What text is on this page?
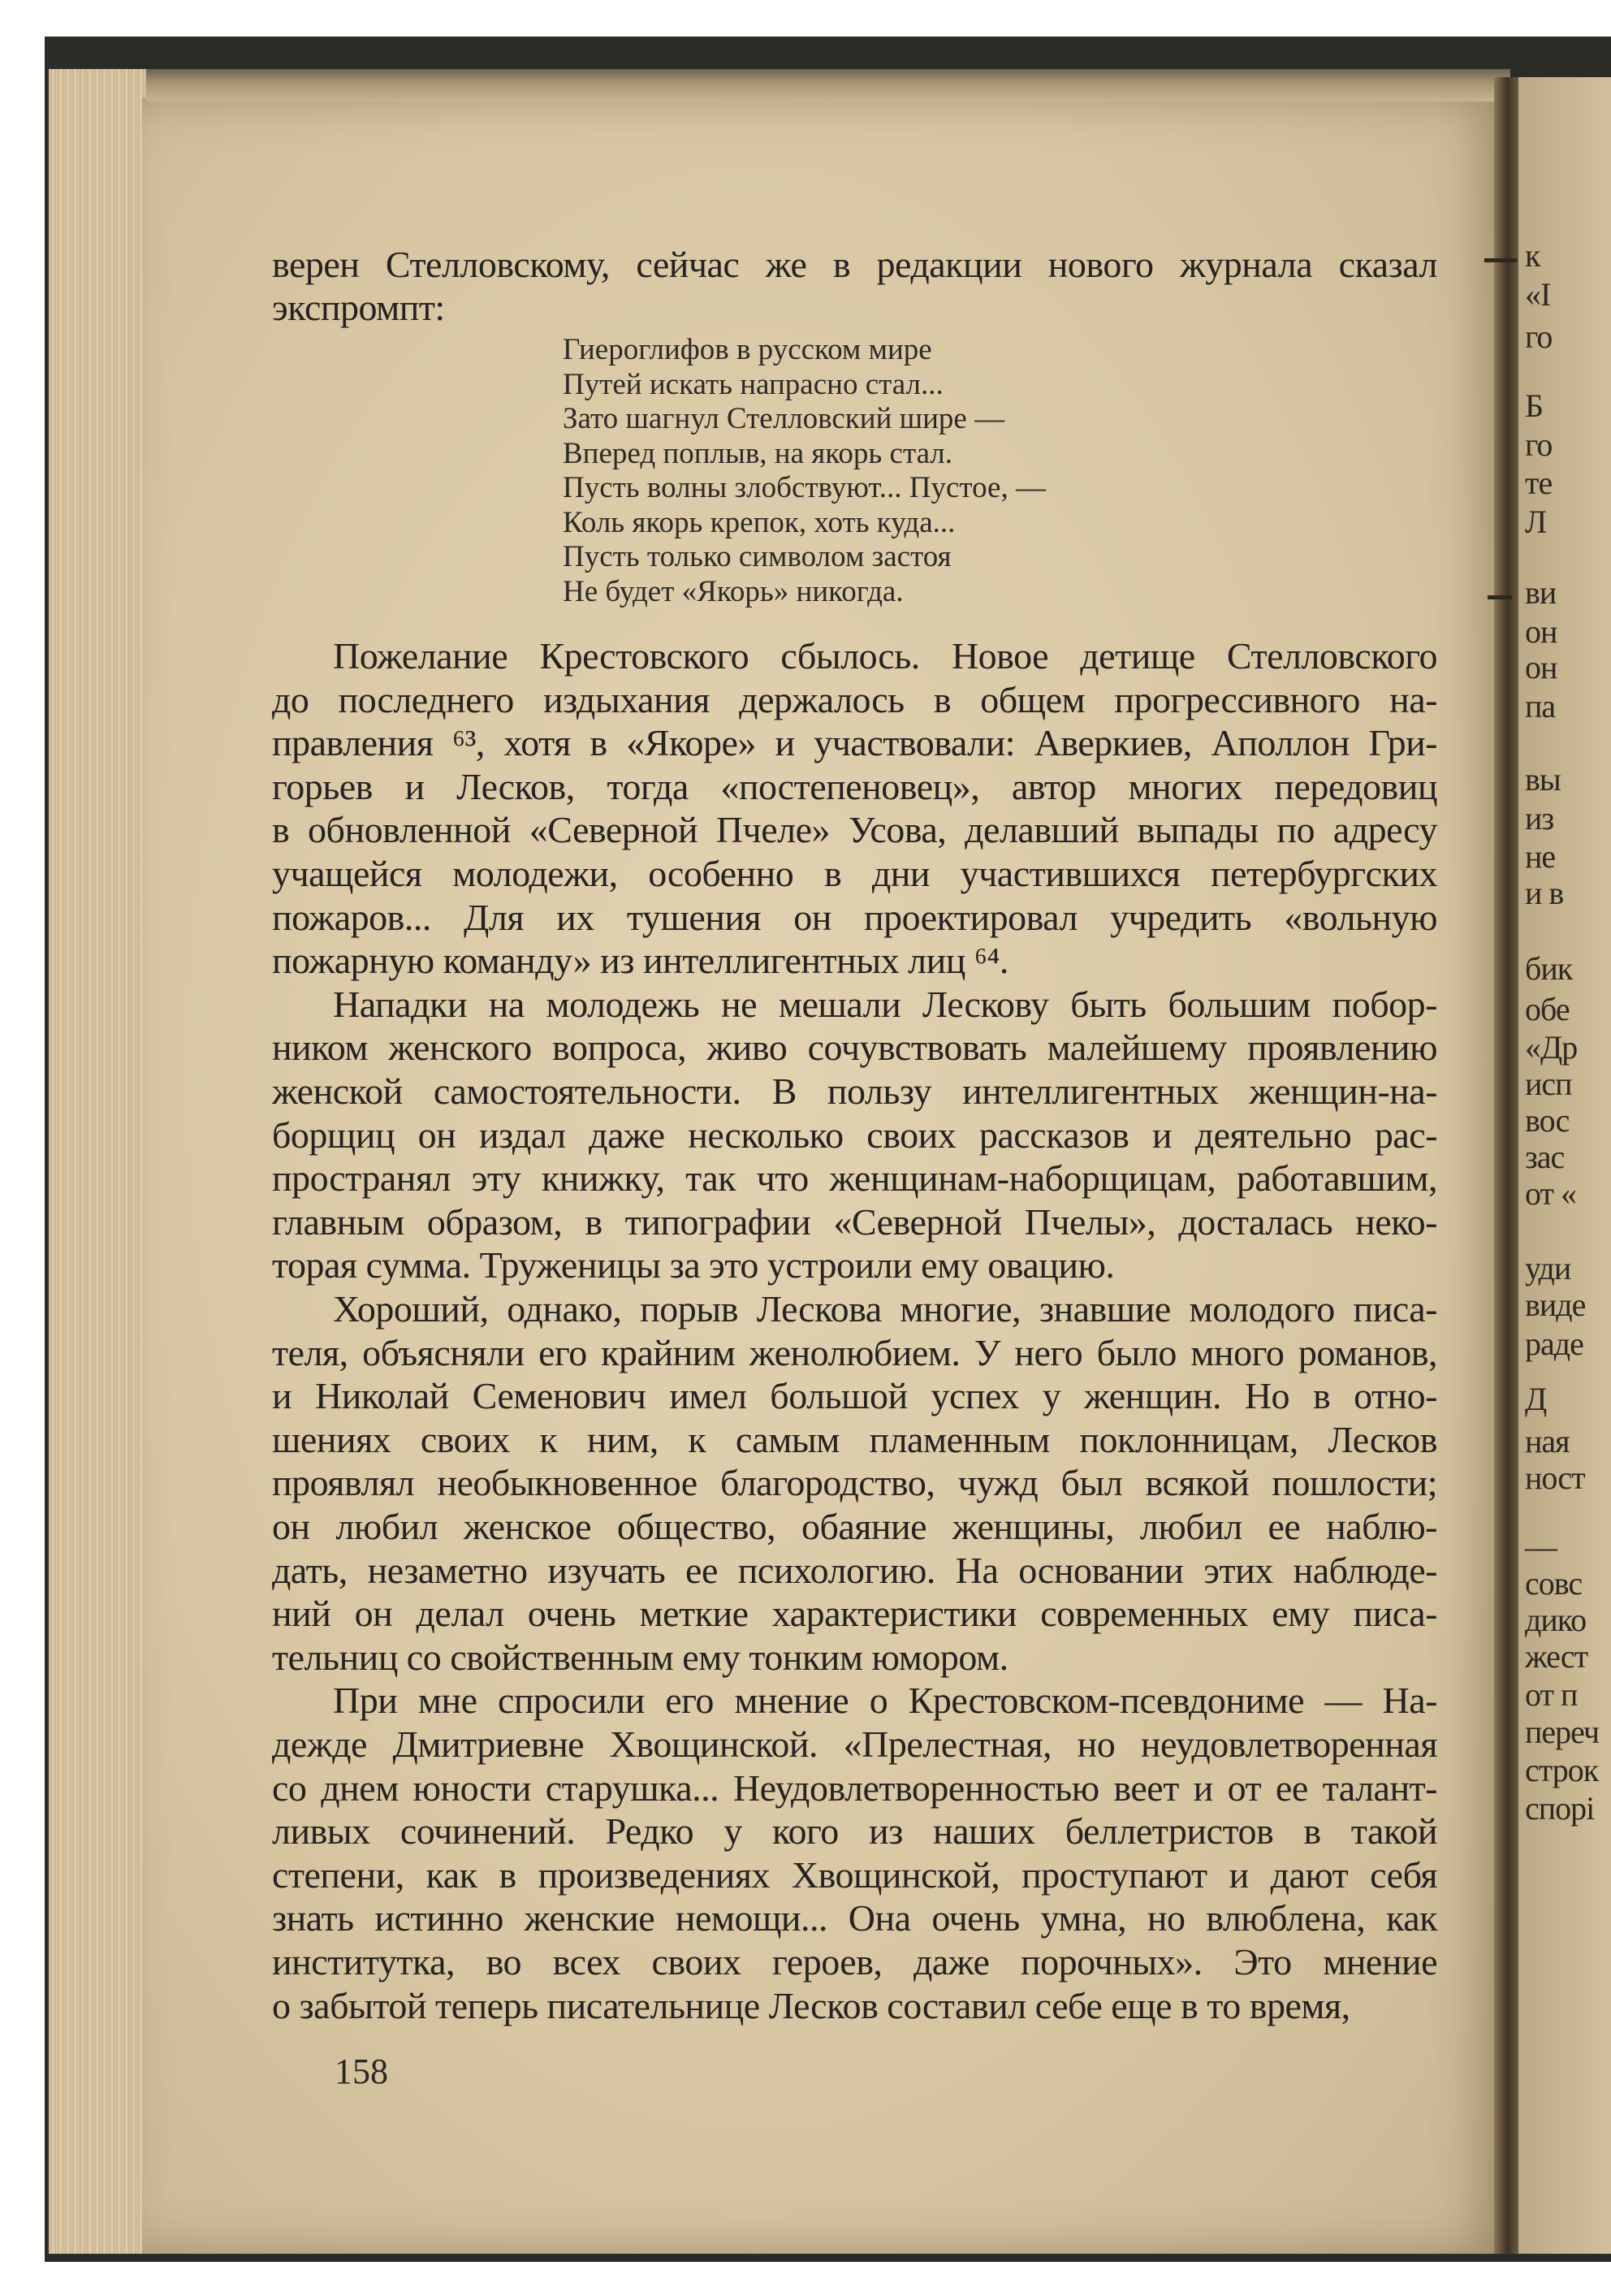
к
«I
го
Б
го
те
Л
ви
он
он
па
вы
из
не
и в
бик
обе
«Др
исп
вос
зас
от «
уди
виде
раде
Д
ная
ност
—
совс
дико
жест
от п
переч
строк
спорі
верен Стелловскому, сейчас же в редакции нового журнала сказал
экспромпт:
Гиероглифов в русском мире
Путей искать напрасно стал...
Зато шагнул Стелловский шире —
Вперед поплыв, на якорь стал.
Пусть волны злобствуют... Пустое, —
Коль якорь крепок, хоть куда...
Пусть только символом застоя
Не будет «Якорь» никогда.
Пожелание Крестовского сбылось. Новое детище Стелловского
до последнего издыхания держалось в общем прогрессивного на-
правления ⁶³, хотя в «Якоре» и участвовали: Аверкиев, Аполлон Гри-
горьев и Лесков, тогда «постепеновец», автор многих передовиц
в обновленной «Северной Пчеле» Усова, делавший выпады по адресу
учащейся молодежи, особенно в дни участившихся петербургских
пожаров... Для их тушения он проектировал учредить «вольную
пожарную команду» из интеллигентных лиц ⁶⁴.
Нападки на молодежь не мешали Лескову быть большим побор-
ником женского вопроса, живо сочувствовать малейшему проявлению
женской самостоятельности. В пользу интеллигентных женщин-на-
борщиц он издал даже несколько своих рассказов и деятельно рас-
пространял эту книжку, так что женщинам-наборщицам, работавшим,
главным образом, в типографии «Северной Пчелы», досталась неко-
торая сумма. Труженицы за это устроили ему овацию.
Хороший, однако, порыв Лескова многие, знавшие молодого писа-
теля, объясняли его крайним женолюбием. У него было много романов,
и Николай Семенович имел большой успех у женщин. Но в отно-
шениях своих к ним, к самым пламенным поклонницам, Лесков
проявлял необыкновенное благородство, чужд был всякой пошлости;
он любил женское общество, обаяние женщины, любил ее наблю-
дать, незаметно изучать ее психологию. На основании этих наблюде-
ний он делал очень меткие характеристики современных ему писа-
тельниц со свойственным ему тонким юмором.
При мне спросили его мнение о Крестовском-псевдониме — На-
дежде Дмитриевне Хвощинской. «Прелестная, но неудовлетворенная
со днем юности старушка... Неудовлетворенностью веет и от ее талант-
ливых сочинений. Редко у кого из наших беллетристов в такой
степени, как в произведениях Хвощинской, проступают и дают себя
знать истинно женские немощи... Она очень умна, но влюблена, как
институтка, во всех своих героев, даже порочных». Это мнение
о забытой теперь писательнице Лесков составил себе еще в то время,
158
